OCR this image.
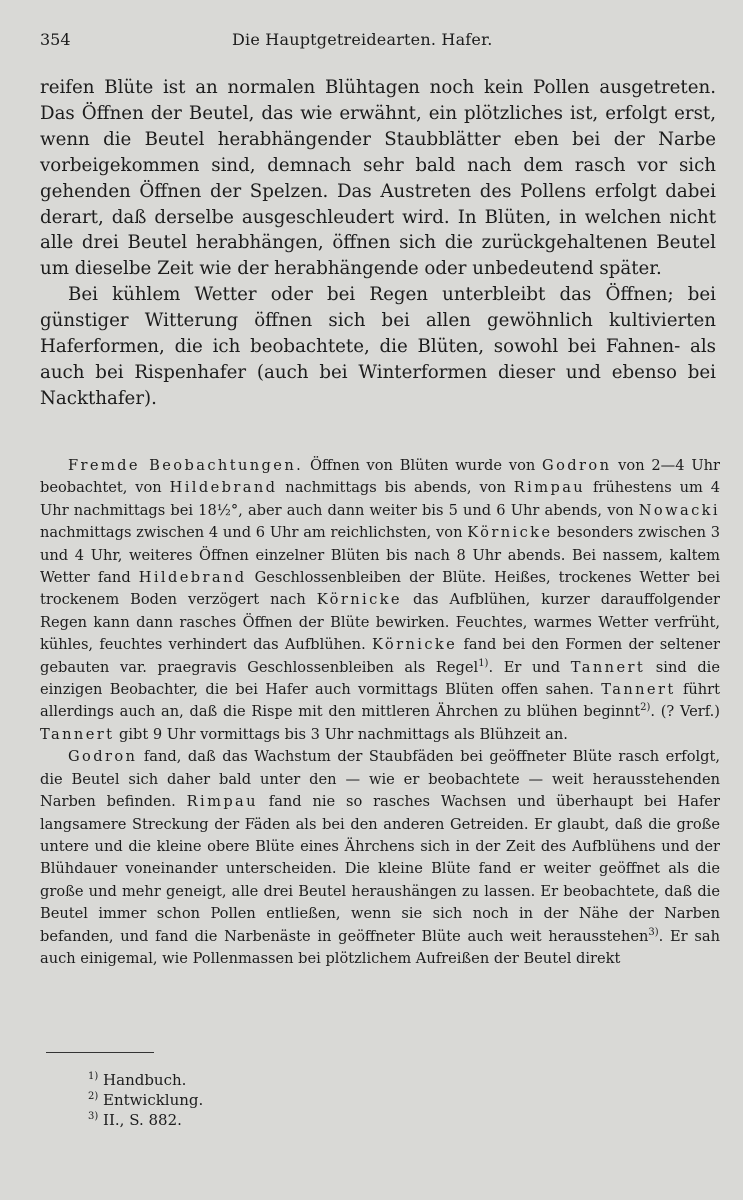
354	Die Hauptgetreidearten. Hafer.

reifen Blüte ist an normalen Blühtagen noch kein Pollen ausgetreten. Das Öffnen der Beutel, das wie erwähnt, ein plötzliches ist, erfolgt erst, wenn die Beutel herabhängender Staubblätter eben bei der Narbe vorbeigekommen sind, demnach sehr bald nach dem rasch vor sich gehenden Öffnen der Spelzen. Das Austreten des Pollens erfolgt dabei derart, daß derselbe ausgeschleudert wird. In Blüten, in welchen nicht alle drei Beutel herabhängen, öffnen sich die zurückgehaltenen Beutel um dieselbe Zeit wie der herabhängende oder unbedeutend später.

Bei kühlem Wetter oder bei Regen unterbleibt das Öffnen; bei günstiger Witterung öffnen sich bei allen gewöhnlich kultivierten Haferformen, die ich beobachtete, die Blüten, sowohl bei Fahnen- als auch bei Rispenhafer (auch bei Winterformen dieser und ebenso bei Nackthafer).

Fremde Beobachtungen. Öffnen von Blüten wurde von Godron von 2—4 Uhr beobachtet, von Hildebrand nachmittags bis abends, von Rimpau frühestens um 4 Uhr nachmittags bei 18½°, aber auch dann weiter bis 5 und 6 Uhr abends, von Nowacki nachmittags zwischen 4 und 6 Uhr am reichlichsten, von Körnicke besonders zwischen 3 und 4 Uhr, weiteres Öffnen einzelner Blüten bis nach 8 Uhr abends. Bei nassem, kaltem Wetter fand Hildebrand Geschlossenbleiben der Blüte. Heißes, trockenes Wetter bei trockenem Boden verzögert nach Körnicke das Aufblühen, kurzer darauffolgender Regen kann dann rasches Öffnen der Blüte bewirken. Feuchtes, warmes Wetter verfrüht, kühles, feuchtes verhindert das Aufblühen. Körnicke fand bei den Formen der seltener gebauten var. praegravis Geschlossenbleiben als Regel$^{1)}$. Er und Tannert sind die einzigen Beobachter, die bei Hafer auch vormittags Blüten offen sahen. Tannert führt allerdings auch an, daß die Rispe mit den mittleren Ährchen zu blühen beginnt$^{2)}$. (? Verf.) Tannert gibt 9 Uhr vormittags bis 3 Uhr nachmittags als Blühzeit an.

Godron fand, daß das Wachstum der Staubfäden bei geöffneter Blüte rasch erfolgt, die Beutel sich daher bald unter den — wie er beobachtete — weit herausstehenden Narben befinden. Rimpau fand nie so rasches Wachsen und überhaupt bei Hafer langsamere Streckung der Fäden als bei den anderen Getreiden. Er glaubt, daß die große untere und die kleine obere Blüte eines Ährchens sich in der Zeit des Aufblühens und der Blühdauer voneinander unterscheiden. Die kleine Blüte fand er weiter geöffnet als die große und mehr geneigt, alle drei Beutel heraushängen zu lassen. Er beobachtete, daß die Beutel immer schon Pollen entließen, wenn sie sich noch in der Nähe der Narben befanden, und fand die Narbenäste in geöffneter Blüte auch weit herausstehen$^{3)}$. Er sah auch einigemal, wie Pollenmassen bei plötzlichem Aufreißen der Beutel direkt

$^{1)}$ Handbuch.
$^{2)}$ Entwicklung.
$^{3)}$ II., S. 882.
